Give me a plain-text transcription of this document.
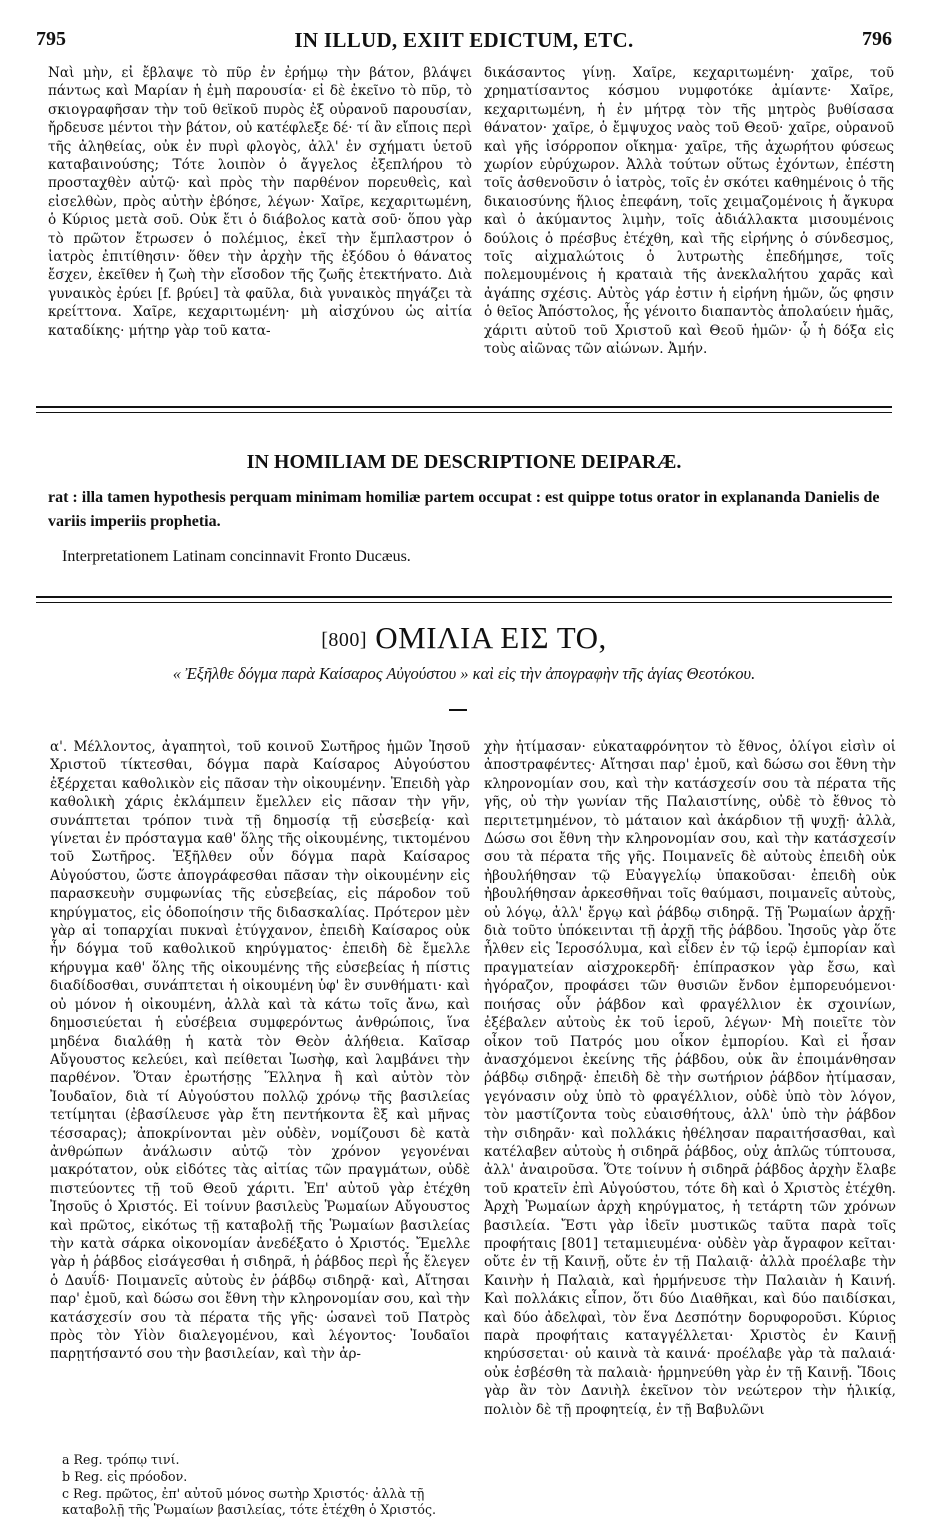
795	IN ILLUD, EXIIT EDICTUM, ETC.	796

Ναὶ μὴν, εἰ ἔβλαψε τὸ πῦρ ἐν ἐρήμῳ τὴν βάτον, βλάψει πάντως καὶ Μαρίαν ἡ ἐμὴ παρουσία· εἰ δὲ ἐκεῖνο τὸ πῦρ, τὸ σκιογραφῆσαν τὴν τοῦ θεϊκοῦ πυρὸς ἐξ οὐρανοῦ παρουσίαν, ἤρδευσε μέντοι τὴν βάτον, οὐ κατέφλεξε δέ· τί ἂν εἴποις περὶ τῆς ἀληθείας, οὐκ ἐν πυρὶ φλογὸς, ἀλλ' ἐν σχήματι ὑετοῦ καταβαινούσης; Τότε λοιπὸν ὁ ἄγγελος ἐξεπλήρου τὸ προσταχθὲν αὐτῷ· καὶ πρὸς τὴν παρθένον πορευθεὶς, καὶ εἰσελθὼν, πρὸς αὐτὴν ἐβόησε, λέγων· Χαῖρε, κεχαριτωμένη, ὁ Κύριος μετὰ σοῦ. Οὐκ ἔτι ὁ διάβολος κατὰ σοῦ· ὅπου γὰρ τὸ πρῶτον ἔτρωσεν ὁ πολέμιος, ἐκεῖ τὴν ἔμπλαστρον ὁ ἰατρὸς ἐπιτίθησιν· ὅθεν τὴν ἀρχὴν τῆς ἐξόδου ὁ θάνατος ἔσχεν, ἐκεῖθεν ἡ ζωὴ τὴν εἴσοδον τῆς ζωῆς ἐτεκτήνατο. Διὰ γυναικὸς ἐρύει [f. βρύει] τὰ φαῦλα, διὰ γυναικὸς πηγάζει τὰ κρείττονα. Χαῖρε, κεχαριτωμένη· μὴ αἰσχύνου ὡς αἰτία καταδίκης· μήτηρ γὰρ τοῦ κατα-

δικάσαντος γίνῃ. Χαῖρε, κεχαριτωμένη· χαῖρε, τοῦ χρηματίσαντος κόσμου νυμφοτόκε ἀμίαντε· Χαῖρε, κεχαριτωμένη, ἡ ἐν μήτρᾳ τὸν τῆς μητρὸς βυθίσασα θάνατον· χαῖρε, ὁ ἔμψυχος ναὸς τοῦ Θεοῦ· χαῖρε, οὐρανοῦ καὶ γῆς ἰσόρροπον οἴκημα· χαῖρε, τῆς ἀχωρήτου φύσεως χωρίον εὐρύχωρον. Ἀλλὰ τούτων οὕτως ἐχόντων, ἐπέστη τοῖς ἀσθενοῦσιν ὁ ἰατρὸς, τοῖς ἐν σκότει καθημένοις ὁ τῆς δικαιοσύνης ἥλιος ἐπεφάνη, τοῖς χειμαζομένοις ἡ ἄγκυρα καὶ ὁ ἀκύμαντος λιμὴν, τοῖς ἀδιάλλακτα μισουμένοις δούλοις ὁ πρέσβυς ἐτέχθη, καὶ τῆς εἰρήνης ὁ σύνδεσμος, τοῖς αἰχμαλώτοις ὁ λυτρωτὴς ἐπεδήμησε, τοῖς πολεμουμένοις ἡ κραταιὰ τῆς ἀνεκλαλήτου χαρᾶς καὶ ἀγάπης σχέσις. Αὐτὸς γάρ ἐστιν ἡ εἰρήνη ἡμῶν, ὥς φησιν ὁ θεῖος Ἀπόστολος, ἧς γένοιτο διαπαντὸς ἀπολαύειν ἡμᾶς, χάριτι αὐτοῦ τοῦ Χριστοῦ καὶ Θεοῦ ἡμῶν· ᾧ ἡ δόξα εἰς τοὺς αἰῶνας τῶν αἰώνων. Ἀμήν.

IN HOMILIAM DE DESCRIPTIONE DEIPARÆ.
rat : illa tamen hypothesis perquam minimam homiliæ partem occupat : est quippe totus orator in explananda Danielis de variis imperiis prophetia.
Interpretationem Latinam concinnavit Fronto Ducæus.
[800] ΟΜΙΛΙΑ ΕΙΣ ΤΟ,
« Ἐξῆλθε δόγμα παρὰ Καίσαρος Αὐγούστου » καὶ εἰς τὴν ἀπογραφὴν τῆς ἁγίας Θεοτόκου.

α'. Μέλλοντος, ἀγαπητοὶ, τοῦ κοινοῦ Σωτῆρος ἡμῶν Ἰησοῦ Χριστοῦ τίκτεσθαι, δόγμα παρὰ Καίσαρος Αὐγούστου ἐξέρχεται καθολικὸν εἰς πᾶσαν τὴν οἰκουμένην. Ἐπειδὴ γὰρ καθολικὴ χάρις ἐκλάμπειν ἔμελλεν εἰς πᾶσαν τὴν γῆν, συνάπτεται τρόπον τινὰ τῇ δημοσίᾳ τῇ εὐσεβείᾳ· καὶ γίνεται ἐν πρόσταγμα καθ' ὅλης τῆς οἰκουμένης, τικτομένου τοῦ Σωτῆρος. Ἐξῆλθεν οὖν δόγμα παρὰ Καίσαρος Αὐγούστου, ὥστε ἀπογράφεσθαι πᾶσαν τὴν οἰκουμένην εἰς παρασκευὴν συμφωνίας τῆς εὐσεβείας, εἰς πάροδον τοῦ κηρύγματος, εἰς ὁδοποίησιν τῆς διδασκαλίας. Πρότερον μὲν γὰρ αἱ τοπαρχίαι πυκναὶ ἐτύγχανον, ἐπειδὴ Καίσαρος οὐκ ἦν δόγμα τοῦ καθολικοῦ κηρύγματος· ἐπειδὴ δὲ ἔμελλε κήρυγμα καθ' ὅλης τῆς οἰκουμένης τῆς εὐσεβείας ἡ πίστις διαδίδοσθαι, συνάπτεται ἡ οἰκουμένη ὑφ' ἓν συνθήματι· καὶ οὐ μόνον ἡ οἰκουμένη, ἀλλὰ καὶ τὰ κάτω τοῖς ἄνω, καὶ δημοσιεύεται ἡ εὐσέβεια συμφερόντως ἀνθρώποις, ἵνα μηδένα διαλάθῃ ἡ κατὰ τὸν Θεὸν ἀλήθεια. Καῖσαρ Αὔγουστος κελεύει, καὶ πείθεται Ἰωσὴφ, καὶ λαμβάνει τὴν παρθένον. Ὅταν ἐρωτήσῃς Ἕλληνα ἢ καὶ αὐτὸν τὸν Ἰουδαῖον, διὰ τί Αὐγούστου πολλῷ χρόνῳ τῆς βασιλείας τετίμηται (ἐβασίλευσε γὰρ ἔτη πεντήκοντα ἓξ καὶ μῆνας τέσσαρας); ἀποκρίνονται μὲν οὐδὲν, νομίζουσι δὲ κατὰ ἀνθρώπων ἀνάλωσιν αὐτῷ τὸν χρόνον γεγονέναι μακρότατον, οὐκ εἰδότες τὰς αἰτίας τῶν πραγμάτων, οὐδὲ πιστεύοντες τῇ τοῦ Θεοῦ χάριτι. Ἐπ' αὐτοῦ γὰρ ἐτέχθη Ἰησοῦς ὁ Χριστός. Εἰ τοίνυν βασιλεὺς Ῥωμαίων Αὔγουστος καὶ πρῶτος, εἰκότως τῇ καταβολῇ τῆς Ῥωμαίων βασιλείας τὴν κατὰ σάρκα οἰκονομίαν ἀνεδέξατο ὁ Χριστός. Ἔμελλε γὰρ ἡ ῥάβδος εἰσάγεσθαι ἡ σιδηρᾶ, ἡ ῥάβδος περὶ ἧς ἔλεγεν ὁ Δαυΐδ· Ποιμανεῖς αὐτοὺς ἐν ῥάβδῳ σιδηρᾷ· καὶ, Αἴτησαι παρ' ἐμοῦ, καὶ δώσω σοι ἔθνη τὴν κληρονομίαν σου, καὶ τὴν κατάσχεσίν σου τὰ πέρατα τῆς γῆς· ὡσανεὶ τοῦ Πατρὸς πρὸς τὸν Υἱὸν διαλεγομένου, καὶ λέγοντος· Ἰουδαῖοι παρῃτήσαντό σου τὴν βασιλείαν, καὶ τὴν ἀρ-

χὴν ἠτίμασαν· εὐκαταφρόνητον τὸ ἔθνος, ὀλίγοι εἰσὶν οἱ ἀποστραφέντες· Αἴτησαι παρ' ἐμοῦ, καὶ δώσω σοι ἔθνη τὴν κληρονομίαν σου, καὶ τὴν κατάσχεσίν σου τὰ πέρατα τῆς γῆς, οὐ τὴν γωνίαν τῆς Παλαιστίνης, οὐδὲ τὸ ἔθνος τὸ περιτετμημένον, τὸ μάταιον καὶ ἀκάρδιον τῇ ψυχῇ· ἀλλὰ, Δώσω σοι ἔθνη τὴν κληρονομίαν σου, καὶ τὴν κατάσχεσίν σου τὰ πέρατα τῆς γῆς. Ποιμανεῖς δὲ αὐτοὺς ἐπειδὴ οὐκ ἠβουλήθησαν τῷ Εὐαγγελίῳ ὑπακοῦσαι· ἐπειδὴ οὐκ ἠβουλήθησαν ἀρκεσθῆναι τοῖς θαύμασι, ποιμανεῖς αὐτοὺς, οὐ λόγῳ, ἀλλ' ἔργῳ καὶ ῥάβδῳ σιδηρᾷ. Τῇ Ῥωμαίων ἀρχῇ· διὰ τοῦτο ὑπόκεινται τῇ ἀρχῇ τῆς ῥάβδου. Ἰησοῦς γὰρ ὅτε ἦλθεν εἰς Ἱεροσόλυμα, καὶ εἶδεν ἐν τῷ ἱερῷ ἐμπορίαν καὶ πραγματείαν αἰσχροκερδῆ· ἐπίπρασκον γὰρ ἔσω, καὶ ἠγόραζον, προφάσει τῶν θυσιῶν ἔνδον ἐμπορευόμενοι· ποιήσας οὖν ῥάβδον καὶ φραγέλλιον ἐκ σχοινίων, ἐξέβαλεν αὐτοὺς ἐκ τοῦ ἱεροῦ, λέγων· Μὴ ποιεῖτε τὸν οἶκον τοῦ Πατρός μου οἶκον ἐμπορίου. Καὶ εἰ ἦσαν ἀνασχόμενοι ἐκείνης τῆς ῥάβδου, οὐκ ἂν ἐποιμάνθησαν ῥάβδῳ σιδηρᾷ· ἐπειδὴ δὲ τὴν σωτήριον ῥάβδον ἠτίμασαν, γεγόνασιν οὐχ ὑπὸ τὸ φραγέλλιον, οὐδὲ ὑπὸ τὸν λόγον, τὸν μαστίζοντα τοὺς εὐαισθήτους, ἀλλ' ὑπὸ τὴν ῥάβδον τὴν σιδηρᾶν· καὶ πολλάκις ἠθέλησαν παραιτήσασθαι, καὶ κατέλαβεν αὐτοὺς ἡ σιδηρᾶ ῥάβδος, οὐχ ἁπλῶς τύπτουσα, ἀλλ' ἀναιροῦσα. Ὅτε τοίνυν ἡ σιδηρᾶ ῥάβδος ἀρχὴν ἔλαβε τοῦ κρατεῖν ἐπὶ Αὐγούστου, τότε δὴ καὶ ὁ Χριστὸς ἐτέχθη. Ἀρχὴ Ῥωμαίων ἀρχὴ κηρύγματος, ἡ τετάρτη τῶν χρόνων βασιλεία. Ἔστι γὰρ ἰδεῖν μυστικῶς ταῦτα παρὰ τοῖς προφήταις [801] τεταμιευμένα· οὐδὲν γὰρ ἄγραφον κεῖται· οὔτε ἐν τῇ Καινῇ, οὔτε ἐν τῇ Παλαιᾷ· ἀλλὰ προέλαβε τὴν Καινὴν ἡ Παλαιὰ, καὶ ἡρμήνευσε τὴν Παλαιὰν ἡ Καινή. Καὶ πολλάκις εἶπον, ὅτι δύο Διαθῆκαι, καὶ δύο παιδίσκαι, καὶ δύο ἀδελφαὶ, τὸν ἕνα Δεσπότην δορυφοροῦσι. Κύριος παρὰ προφήταις καταγγέλλεται· Χριστὸς ἐν Καινῇ κηρύσσεται· οὐ καινὰ τὰ καινά· προέλαβε γὰρ τὰ παλαιά· οὐκ ἐσβέσθη τὰ παλαιὰ· ἡρμηνεύθη γὰρ ἐν τῇ Καινῇ. Ἴδοις γὰρ ἂν τὸν Δανιὴλ ἐκεῖνον τὸν νεώτερον τὴν ἡλικίᾳ, πολιὸν δὲ τῇ προφητείᾳ, ἐν τῇ Βαβυλῶνι

a Reg. τρόπῳ τινί.
b Reg. εἰς πρόοδον.
c Reg. πρῶτος, ἐπ' αὐτοῦ μόνος σωτὴρ Χριστός· ἀλλὰ τῇ καταβολῇ τῆς Ῥωμαίων βασιλείας, τότε ἐτέχθη ὁ Χριστός.
